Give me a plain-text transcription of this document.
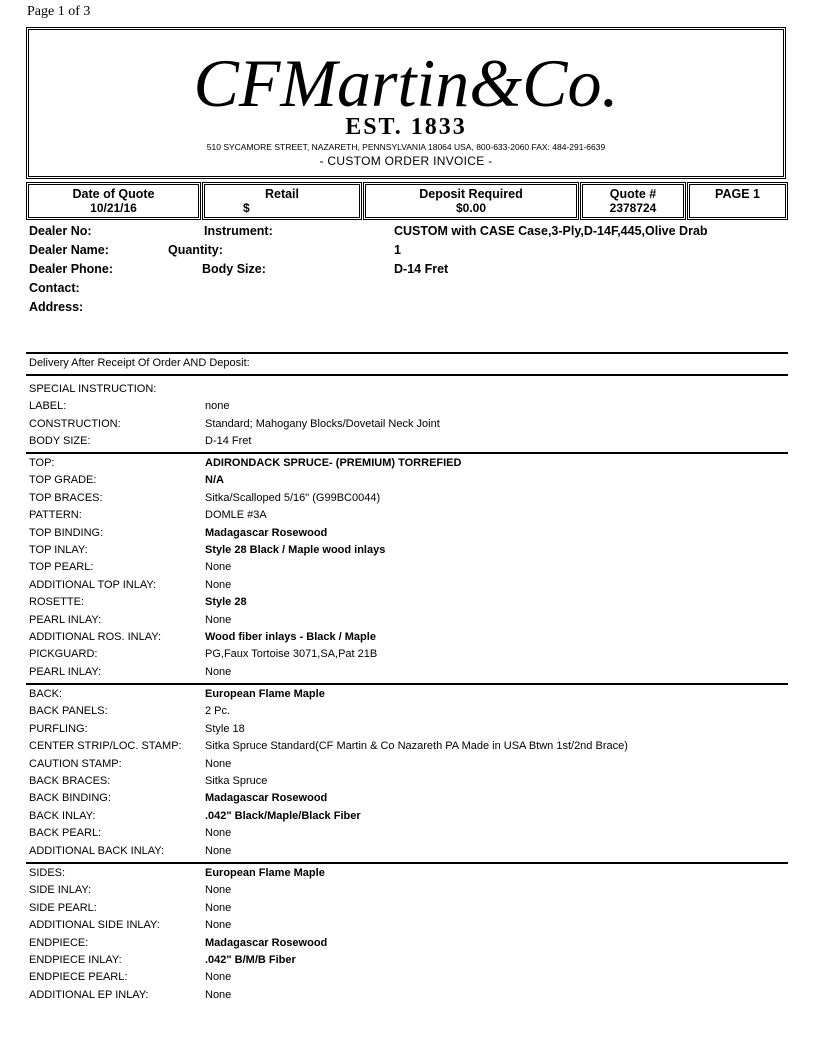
Page 1 of 3
CFMartin&Co.
EST. 1833
510 SYCAMORE STREET, NAZARETH, PENNSYLVANIA 18064 USA, 800-633-2060 FAX: 484-291-6639
- CUSTOM ORDER INVOICE -
Date of Quote
10/21/16
Retail
$
Deposit Required
$0.00
Quote #
2378724
PAGE 1
Dealer No:
Dealer Name:
Dealer Phone:
Contact:
Address:
Instrument:	CUSTOM with CASE Case,3-Ply,D-14F,445,Olive Drab
Quantity:	1
Body Size:	D-14 Fret
Delivery After Receipt Of Order AND Deposit:
SPECIAL INSTRUCTION:
LABEL:	none
CONSTRUCTION:	Standard; Mahogany Blocks/Dovetail Neck Joint
BODY SIZE:	D-14 Fret
TOP:	ADIRONDACK SPRUCE- (PREMIUM) TORREFIED
TOP GRADE:	N/A
TOP BRACES:	Sitka/Scalloped 5/16" (G99BC0044)
PATTERN:	DOMLE #3A
TOP BINDING:	Madagascar Rosewood
TOP INLAY:	Style 28 Black / Maple wood inlays
TOP PEARL:	None
ADDITIONAL TOP INLAY:	None
ROSETTE:	Style 28
PEARL INLAY:	None
ADDITIONAL ROS. INLAY:	Wood fiber inlays - Black / Maple
PICKGUARD:	PG,Faux Tortoise 3071,SA,Pat 21B
PEARL INLAY:	None
BACK:	European Flame Maple
BACK PANELS:	2 Pc.
PURFLING:	Style 18
CENTER STRIP/LOC. STAMP: Sitka Spruce Standard(CF Martin & Co Nazareth PA Made in USA Btwn 1st/2nd Brace)
CAUTION STAMP:	None
BACK BRACES:	Sitka Spruce
BACK BINDING:	Madagascar Rosewood
BACK INLAY:	.042" Black/Maple/Black Fiber
BACK PEARL:	None
ADDITIONAL BACK INLAY:	None
SIDES:	European Flame Maple
SIDE INLAY:	None
SIDE PEARL:	None
ADDITIONAL SIDE INLAY:	None
ENDPIECE:	Madagascar Rosewood
ENDPIECE INLAY:	.042" B/M/B Fiber
ENDPIECE PEARL:	None
ADDITIONAL EP INLAY:	None
